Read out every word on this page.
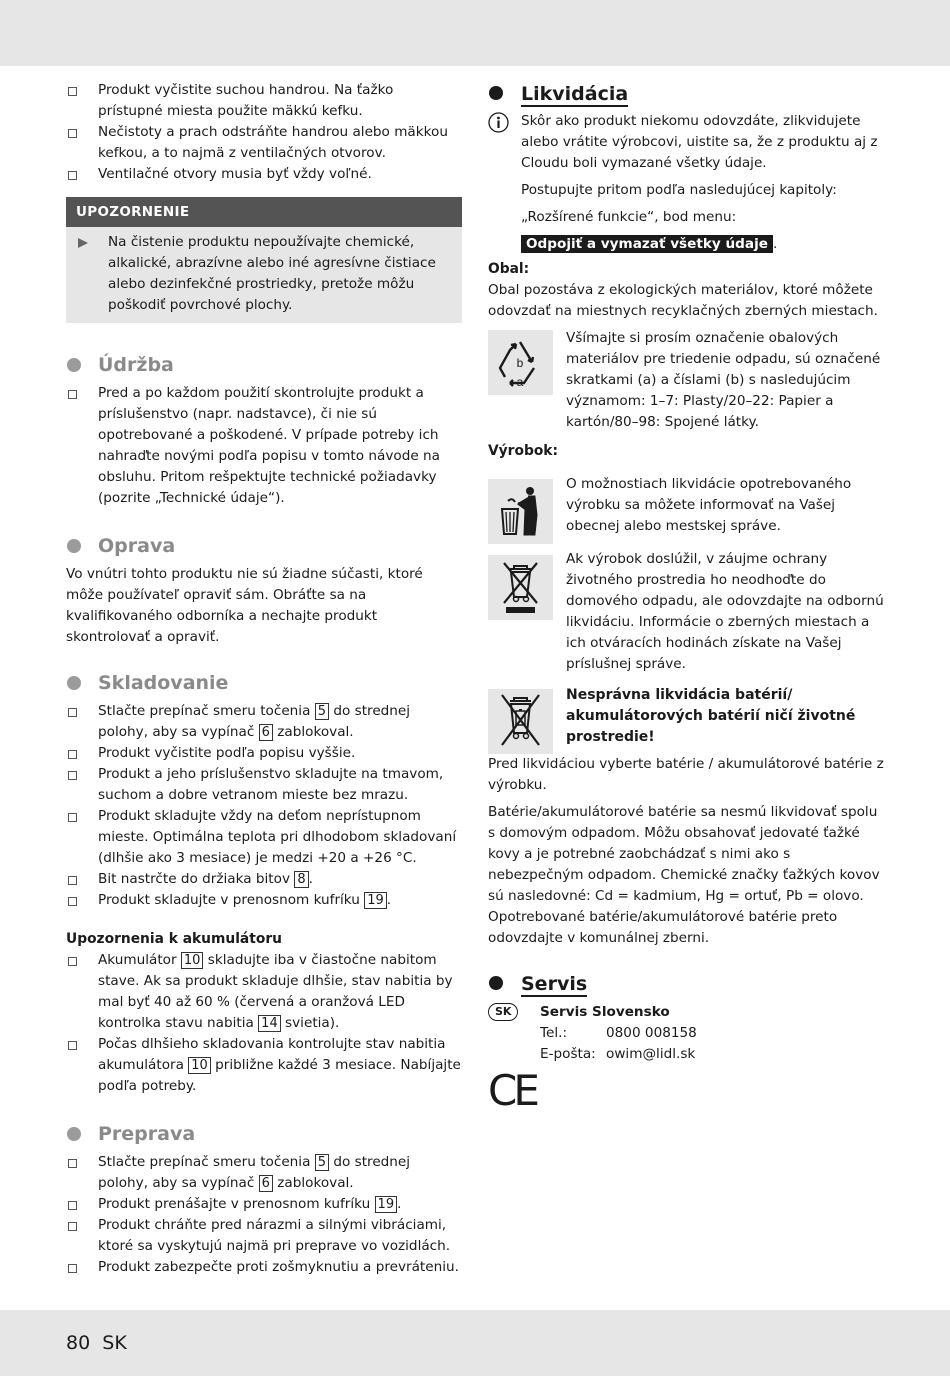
Produkt vyčistite suchou handrou. Na ťažko prístupné miesta použite mäkkú kefku.
Nečistoty a prach odstráňte handrou alebo mäkkou kefkou, a to najmä z ventilačných otvorov.
Ventilačné otvory musia byť vždy voľné.
UPOZORNENIE
Na čistenie produktu nepoužívajte chemické, alkalické, abrazívne alebo iné agresívne čistiace alebo dezinfekčné prostriedky, pretože môžu poškodiť povrchové plochy.
Údržba
Pred a po každom použití skontrolujte produkt a príslušenstvo (napr. nadstavce), či nie sú opotrebované a poškodené. V prípade potreby ich nahraďte novými podľa popisu v tomto návode na obsluhu. Pritom rešpektujte technické požiadavky (pozrite „Technické údaje“).
Oprava
Vo vnútri tohto produktu nie sú žiadne súčasti, ktoré môže používateľ opraviť sám. Obráťte sa na kvalifikovaného odborníka a nechajte produkt skontrolovať a opraviť.
Skladovanie
Stlačte prepínač smeru točenia 5 do strednej polohy, aby sa vypínač 6 zablokoval.
Produkt vyčistite podľa popisu vyššie.
Produkt a jeho príslušenstvo skladujte na tmavom, suchom a dobre vetranom mieste bez mrazu.
Produkt skladujte vždy na deťom neprístupnom mieste. Optimálna teplota pri dlhodobom skladovaní (dlhšie ako 3 mesiace) je medzi +20 a +26 °C.
Bit nastrčte do držiaka bitov 8 .
Produkt skladujte v prenosnom kufríku 19 .
Upozornenia k akumulátoru
Akumulátor 10 skladujte iba v čiastočne nabitom stave. Ak sa produkt skladuje dlhšie, stav nabitia by mal byť 40 až 60 % (červená a oranžová LED kontrolka stavu nabitia 14 svietia).
Počas dlhšieho skladovania kontrolujte stav nabitia akumulátora 10 približne každé 3 mesiace. Nabíjajte podľa potreby.
Preprava
Stlačte prepínač smeru točenia 5 do strednej polohy, aby sa vypínač 6 zablokoval.
Produkt prenášajte v prenosnom kufríku 19 .
Produkt chráňte pred nárazmi a silnými vibráciami, ktoré sa vyskytujú najmä pri preprave vo vozidlách.
Produkt zabezpečte proti zošmyknutiu a prevráteniu.
Likvidácia
Skôr ako produkt niekomu odovzdáte, zlikvidujete alebo vrátite výrobcovi, uistite sa, že z produktu aj z Cloudu boli vymazané všetky údaje.
Postupujte pritom podľa nasledujúcej kapitoly:
„Rozšírené funkcie“, bod menu:
Odpojiť a vymazať všetky údaje .
Obal:
Obal pozostáva z ekologických materiálov, ktoré môžete odovzdať na miestnych recyklačných zberných miestach.
b
a
Všímajte si prosím označenie obalových materiálov pre triedenie odpadu, sú označené skratkami (a) a číslami (b) s nasledujúcim významom: 1–7: Plasty/20–22: Papier a kartón/80–98: Spojené látky.
Výrobok:
O možnostiach likvidácie opotrebovaného výrobku sa môžete informovať na Vašej obecnej alebo mestskej správe.
Ak výrobok doslúžil, v záujme ochrany životného prostredia ho neodhoďte do domového odpadu, ale odovzdajte na odbornú likvidáciu. Informácie o zberných miestach a ich otváracích hodinách získate na Vašej príslušnej správe.
Nesprávna likvidácia batérií/ akumulátorových batérií ničí životné prostredie!
Pred likvidáciou vyberte batérie / akumulátorové batérie z výrobku.
Batérie/akumulátorové batérie sa nesmú likvidovať spolu s domovým odpadom. Môžu obsahovať jedovaté ťažké kovy a je potrebné zaobchádzať s nimi ako s nebezpečným odpadom. Chemické značky ťažkých kovov sú nasledovné: Cd = kadmium, Hg = ortuť, Pb = olovo. Opotrebované batérie/akumulátorové batérie preto odovzdajte v komunálnej zberni.
Servis
SK	Servis Slovensko
Tel.:	0800 008158
E-pošta: owim@lidl.sk
CE
80 SK
